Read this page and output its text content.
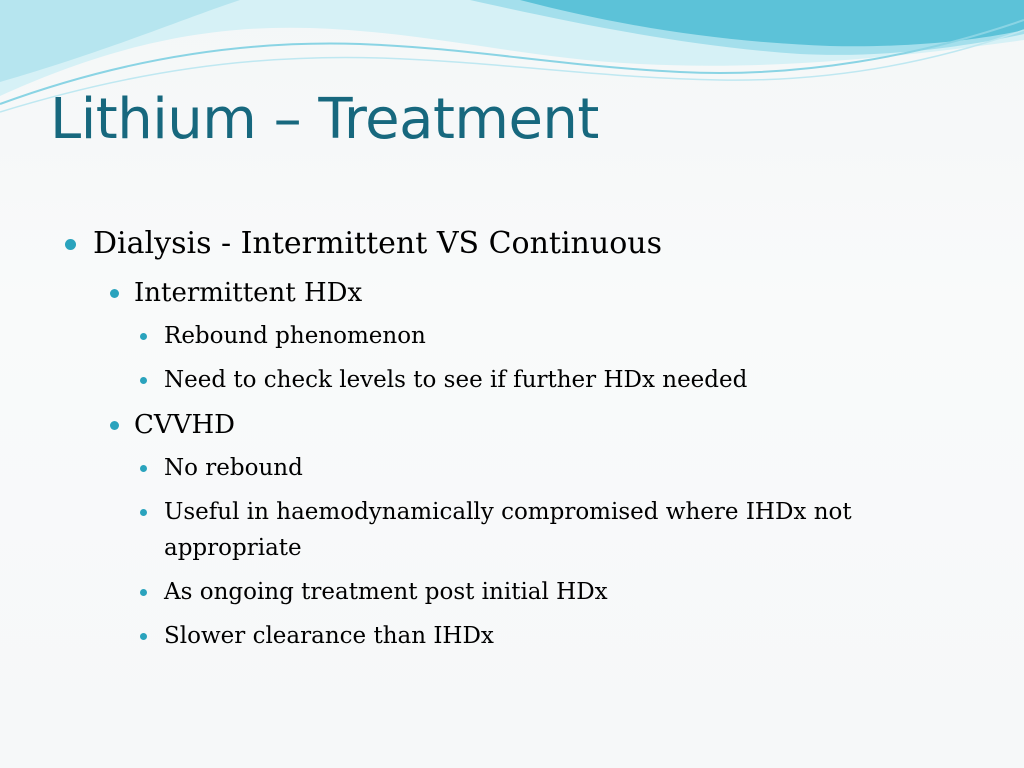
Lithium – Treatment
Dialysis - Intermittent VS Continuous
Intermittent HDx
Rebound phenomenon
Need to check levels to see if further HDx needed
CVVHD
No rebound
Useful in haemodynamically compromised where IHDx not appropriate
As ongoing treatment post initial HDx
Slower clearance than IHDx
